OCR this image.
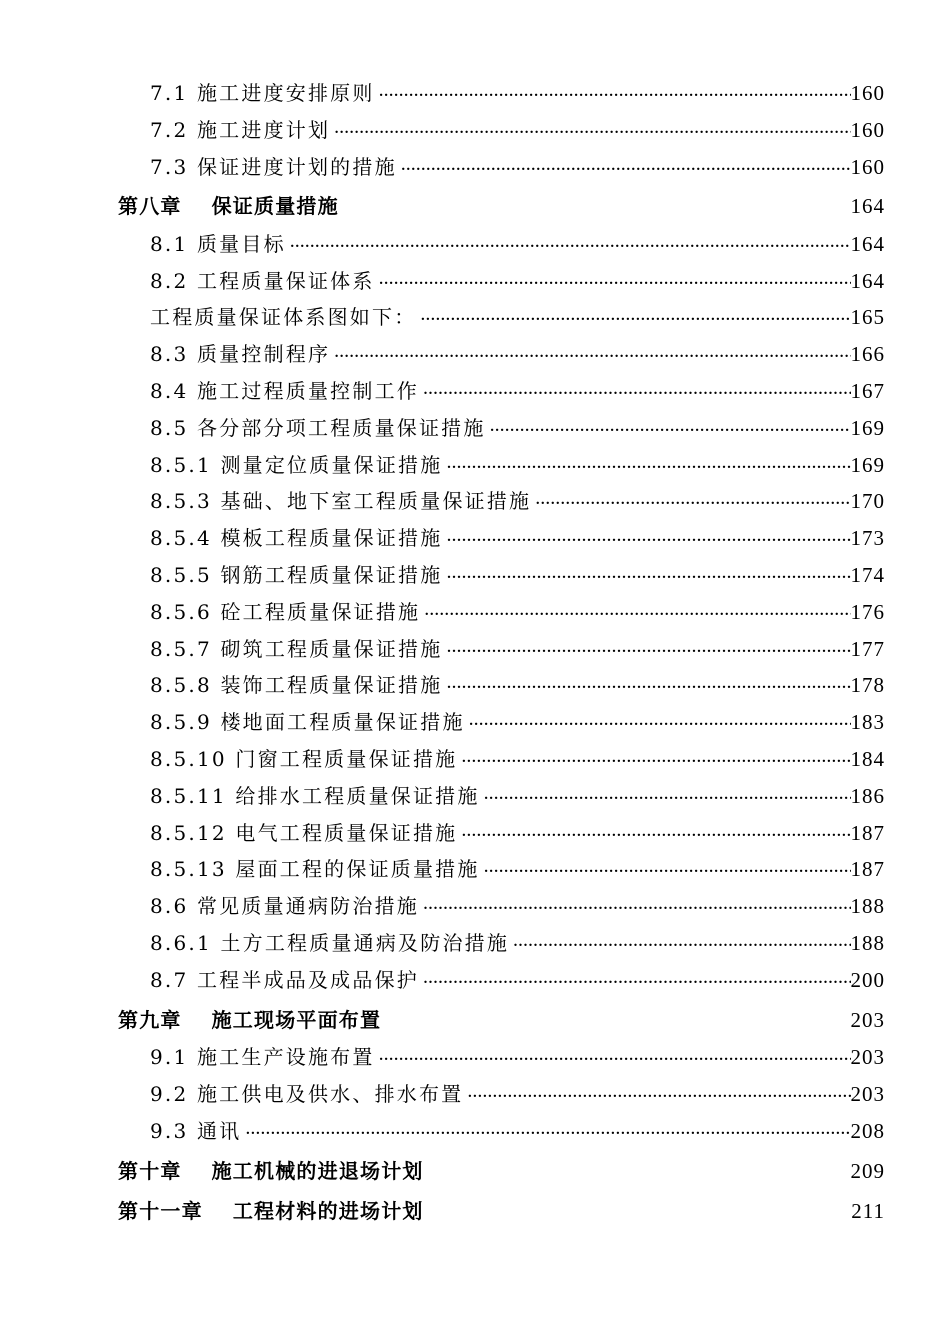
7.1 施工进度安排原则 .....	160
7.2 施工进度计划 .....	160
7.3 保证进度计划的措施 .....	160
第八章 保证质量措施	164
8.1 质量目标 .....	164
8.2 工程质量保证体系 .....	164
工程质量保证体系图如下： .....	165
8.3 质量控制程序 .....	166
8.4 施工过程质量控制工作 .....	167
8.5 各分部分项工程质量保证措施 .....	169
8.5.1 测量定位质量保证措施 .....	169
8.5.3 基础、地下室工程质量保证措施 .....	170
8.5.4 模板工程质量保证措施 .....	173
8.5.5 钢筋工程质量保证措施 .....	174
8.5.6 砼工程质量保证措施 .....	176
8.5.7 砌筑工程质量保证措施 .....	177
8.5.8 装饰工程质量保证措施 .....	178
8.5.9 楼地面工程质量保证措施 .....	183
8.5.10 门窗工程质量保证措施 .....	184
8.5.11 给排水工程质量保证措施 .....	186
8.5.12 电气工程质量保证措施 .....	187
8.5.13 屋面工程的保证质量措施 .....	187
8.6 常见质量通病防治措施 .....	188
8.6.1 土方工程质量通病及防治措施 .....	188
8.7 工程半成品及成品保护 .....	200
第九章 施工现场平面布置	203
9.1 施工生产设施布置 .....	203
9.2 施工供电及供水、排水布置 .....	203
9.3 通讯 .....	208
第十章 施工机械的进退场计划	209
第十一章 工程材料的进场计划	211
